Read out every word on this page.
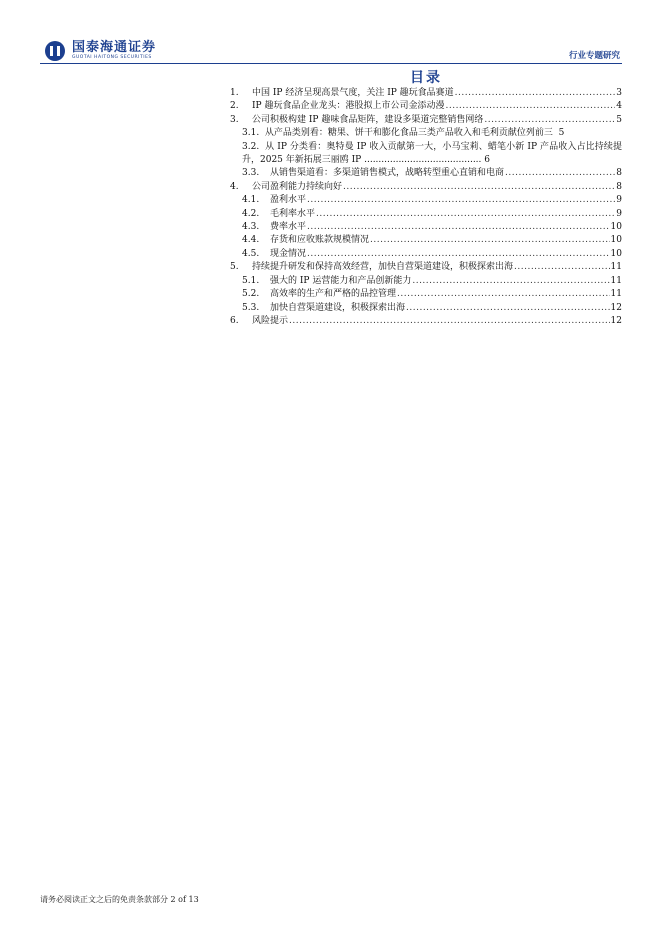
国泰海通证券
GUOTAI HAITONG SECURITIES	行业专题研究
目录
1.	中国 IP 经济呈现高景气度，关注 IP 趣玩食品赛道 .....	3
2.	IP 趣玩食品企业龙头：港股拟上市公司金添动漫 .....	4
3.	公司积极构建 IP 趣味食品矩阵，建设多渠道完整销售网络 .....	5
3.1. 从产品类别看：糖果、饼干和膨化食品三类产品收入和毛利贡献位列前三 5
3.2. 从 IP 分类看：奥特曼 IP 收入贡献第一大，小马宝莉、蜡笔小新 IP 产品收入占比持续提升，2025 年新拓展三丽鸥 IP ......................................... 6
3.3.	从销售渠道看：多渠道销售模式，战略转型重心直销和电商 .....	8
4.	公司盈利能力持续向好 .....	8
4.1.	盈利水平 .....	9
4.2.	毛利率水平 .....	9
4.3.	费率水平 .....	10
4.4.	存货和应收账款规模情况 .....	10
4.5.	现金情况 .....	10
5.	持续提升研发和保持高效经营，加快自营渠道建设，积极探索出海 .....	11
5.1.	强大的 IP 运营能力和产品创新能力 .....	11
5.2.	高效率的生产和严格的品控管理 .....	11
5.3.	加快自营渠道建设，积极探索出海 .....	12
6.	风险提示 .....	12
请务必阅读正文之后的免责条款部分 2 of 13
